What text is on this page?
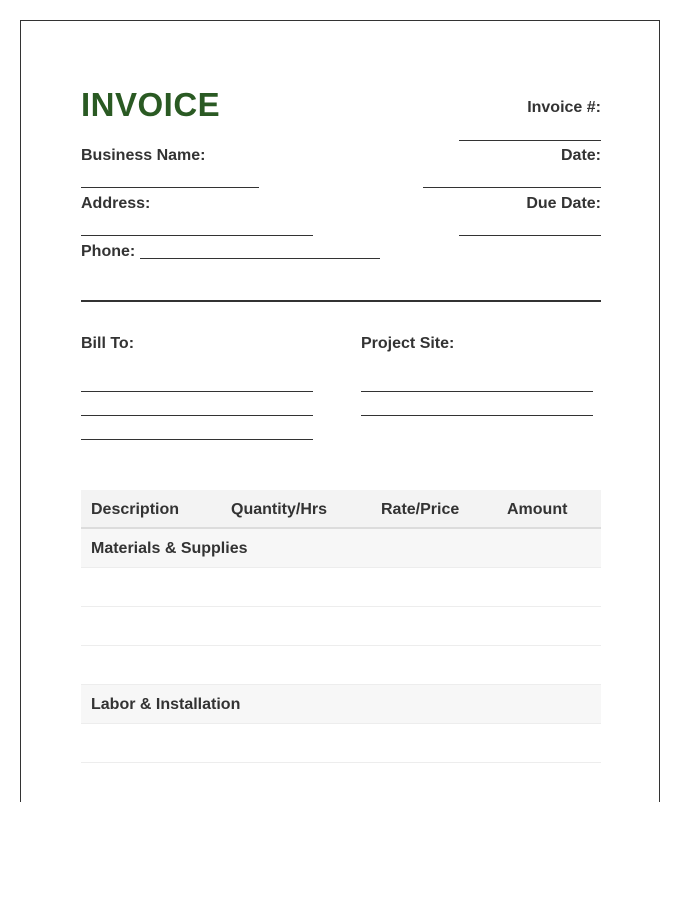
INVOICE	Invoice #:
Business Name:	Date:
Address:	Due Date:
Phone:
Bill To:	Project Site:
Description	Quantity/Hrs	Rate/Price	Amount
Materials & Supplies
Labor & Installation
